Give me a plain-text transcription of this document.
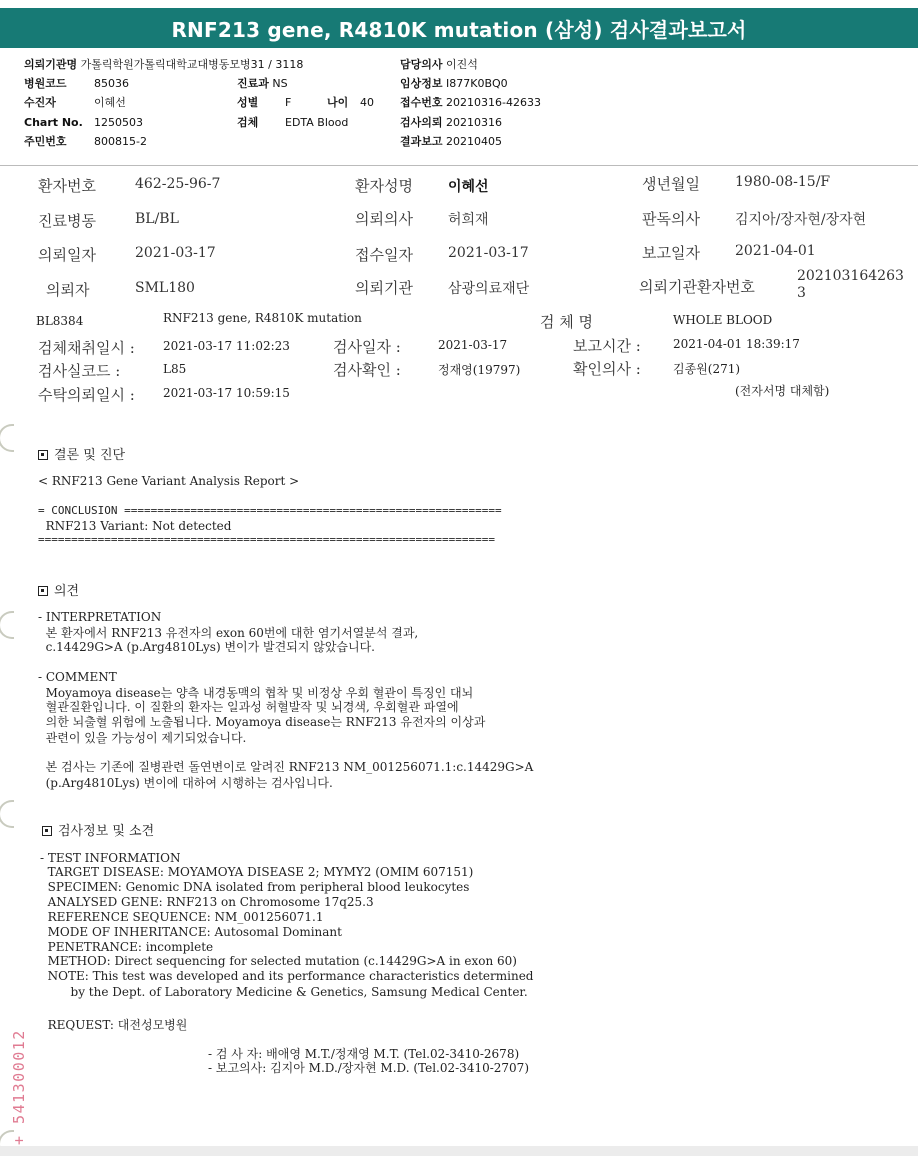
RNF213 gene, R4810K mutation (삼성) 검사결과보고서
의뢰기관명 가톨릭학원가톨릭대학교대병동모병31 / 3118	담당의사 이진석
병원코드 85036	진료과 NS	임상정보 I877K0BQ0
수진자	이혜선	성별 F	나이 40 접수번호 20210316-42633
Chart No. 1250503	검체 EDTA Blood	검사의뢰 20210316
주민번호 800815-2	결과보고 20210405
환자번호	462-25-96-7	환자성명	이혜선	생년월일	1980-08-15/F
진료병동	BL/BL	의뢰의사	허희재	판독의사	김지아/장자현/장자현
의뢰일자	2021-03-17	접수일자	2021-03-17	보고일자	2021-04-01
의뢰자	SML180	의뢰기관	삼광의료재단	의뢰기관환자번호
202103164263
3
BL8384	RNF213 gene, R4810K mutation	검 체 명	WHOLE BLOOD
검체채취일시 : 2021-03-17 11:02:23	검사일자 :	2021-03-17	보고시간 :	2021-04-01 18:39:17
검사실코드 :	L85	검사확인 :	정재영(19797)	확인의사 :	김종원(271)
수탁의뢰일시 : 2021-03-17 10:59:15	(전자서명 대체함)
결론 및 진단
< RNF213 Gene Variant Analysis Report >
= CONCLUSION =========================================================
RNF213 Variant: Not detected
=====================================================================
의견
- INTERPRETATION
본 환자에서 RNF213 유전자의 exon 60번에 대한 염기서열분석 결과,
c.14429G>A (p.Arg4810Lys) 변이가 발견되지 않았습니다.
- COMMENT
Moyamoya disease는 양측 내경동맥의 협착 및 비정상 우회 혈관이 특징인 대뇌
혈관질환입니다. 이 질환의 환자는 일과성 허혈발작 및 뇌경색, 우회혈관 파열에
의한 뇌출혈 위험에 노출됩니다. Moyamoya disease는 RNF213 유전자의 이상과
관련이 있을 가능성이 제기되었습니다.
본 검사는 기존에 질병관련 돌연변이로 알려진 RNF213 NM_001256071.1:c.14429G>A
(p.Arg4810Lys) 변이에 대하여 시행하는 검사입니다.
검사정보 및 소견
- TEST INFORMATION
TARGET DISEASE: MOYAMOYA DISEASE 2; MYMY2 (OMIM 607151)
SPECIMEN: Genomic DNA isolated from peripheral blood leukocytes
ANALYSED GENE: RNF213 on Chromosome 17q25.3
REFERENCE SEQUENCE: NM_001256071.1
MODE OF INHERITANCE: Autosomal Dominant
PENETRANCE: incomplete
METHOD: Direct sequencing for selected mutation (c.14429G>A in exon 60)
NOTE: This test was developed and its performance characteristics determined
by the Dept. of Laboratory Medicine & Genetics, Samsung Medical Center.
REQUEST: 대전성모병원
- 검 사 자: 배애영 M.T./정재영 M.T. (Tel.02-3410-2678)
- 보고의사: 김지아 M.D./장자현 M.D. (Tel.02-3410-2707)
+ 541300012
